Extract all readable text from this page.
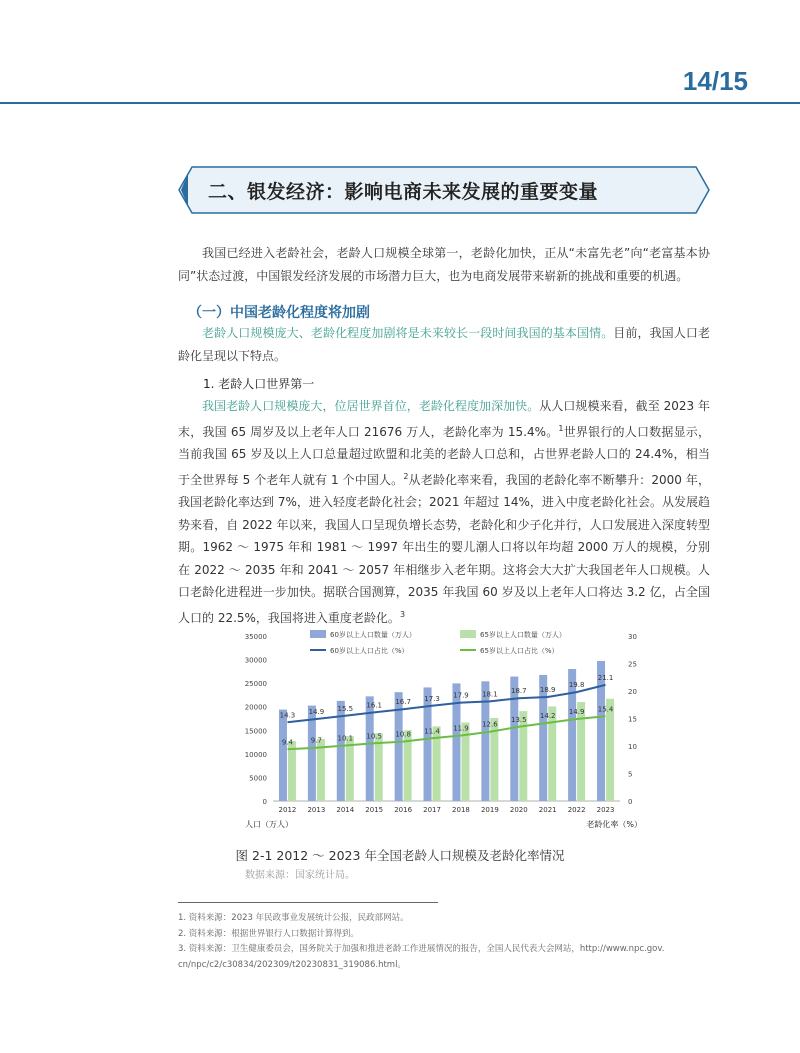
14/15
二、银发经济：影响电商未来发展的重要变量

我国已经进入老龄社会，老龄人口规模全球第一，老龄化加快，正从“未富先老”向“老富基本协同”状态过渡，中国银发经济发展的市场潜力巨大，也为电商发展带来崭新的挑战和重要的机遇。

（一）中国老龄化程度将加剧

老龄人口规模庞大、老龄化程度加剧将是未来较长一段时间我国的基本国情。目前，我国人口老龄化呈现以下特点。

1. 老龄人口世界第一

我国老龄人口规模庞大，位居世界首位，老龄化程度加深加快。从人口规模来看，截至 2023 年末，我国 65 周岁及以上老年人口 21676 万人，老龄化率为 15.4%。$^1$世界银行的人口数据显示，当前我国 65 岁及以上人口总量超过欧盟和北美的老龄人口总和，占世界老龄人口的 24.4%，相当于全世界每 5 个老年人就有 1 个中国人。$^2$从老龄化率来看，我国的老龄化率不断攀升：2000 年，我国老龄化率达到 7%，进入轻度老龄化社会；2021 年超过 14%，进入中度老龄化社会。从发展趋势来看，自 2022 年以来，我国人口呈现负增长态势，老龄化和少子化并行，人口发展进入深度转型期。1962 ～ 1975 年和 1981 ～ 1997 年出生的婴儿潮人口将以年均超 2000 万人的规模，分别在 2022 ～ 2035 年和 2041 ～ 2057 年相继步入老年期。这将会大大扩大我国老年人口规模。人口老龄化进程进一步加快。据联合国测算，2035 年我国 60 岁及以上老年人口将达 3.2 亿，占全国人口的 22.5%，我国将进入重度老龄化。$^3$

0
5000
10000
15000
20000
25000
30000
35000
0
5
10
15
20
25
30
2012 2013 2014 2015 2016 2017 2018 2019 2020 2021 2022 2023
14.3 14.9 15.5 16.1 16.7 17.3 17.9 18.1 18.7 18.9
19.8
21.1
9.4	9.7 10.1 10.5 10.8 11.4 11.9 12.6
13.5 14.2 14.9 15.4
60岁以上人口数量（万人）	65岁以上人口数量（万人）
60岁以上人口占比（%）	65岁以上人口占比（%）
人口（万人）	老龄化率（%）
图 2-1 2012 ～ 2023 年全国老龄人口规模及老龄化率情况
数据来源：国家统计局。
1. 资料来源：2023 年民政事业发展统计公报，民政部网站。
2. 资料来源：根据世界银行人口数据计算得到。
3. 资料来源：卫生健康委员会，国务院关于加强和推进老龄工作进展情况的报告，全国人民代表大会网站，http://www.npc.gov.
cn/npc/c2/c30834/202309/t20230831_319086.html。
